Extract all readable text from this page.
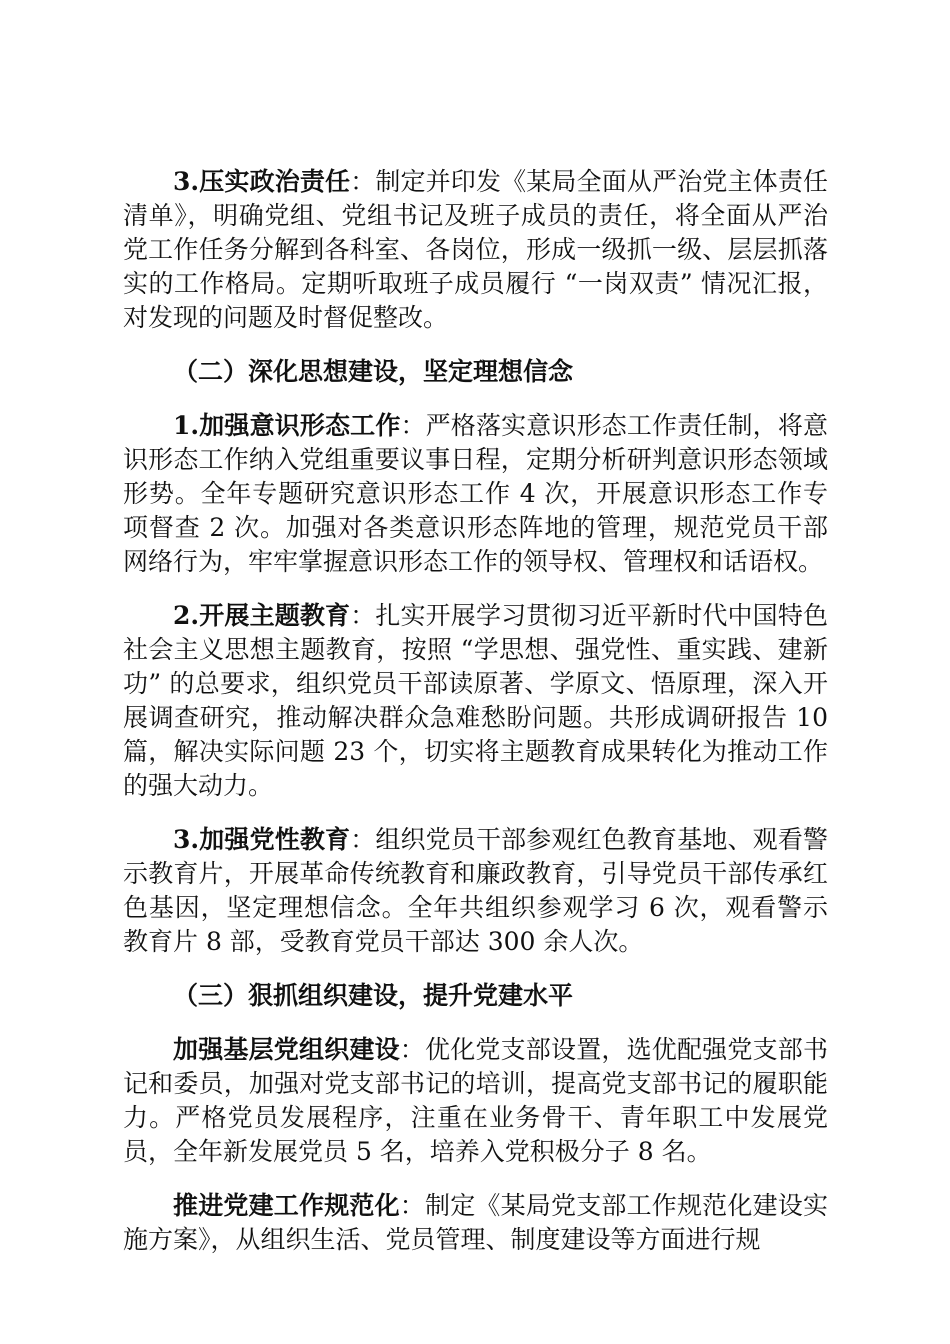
3.压实政治责任：制定并印发《某局全面从严治党主体责任清单》，明确党组、党组书记及班子成员的责任，将全面从严治党工作任务分解到各科室、各岗位，形成一级抓一级、层层抓落实的工作格局。定期听取班子成员履行 “一岗双责” 情况汇报，对发现的问题及时督促整改。

（二）深化思想建设，坚定理想信念

1.加强意识形态工作：严格落实意识形态工作责任制，将意识形态工作纳入党组重要议事日程，定期分析研判意识形态领域形势。全年专题研究意识形态工作 4 次，开展意识形态工作专项督查 2 次。加强对各类意识形态阵地的管理，规范党员干部网络行为，牢牢掌握意识形态工作的领导权、管理权和话语权。

2.开展主题教育：扎实开展学习贯彻习近平新时代中国特色社会主义思想主题教育，按照 “学思想、强党性、重实践、建新功” 的总要求，组织党员干部读原著、学原文、悟原理，深入开展调查研究，推动解决群众急难愁盼问题。共形成调研报告 10 篇，解决实际问题 23 个，切实将主题教育成果转化为推动工作的强大动力。

3.加强党性教育：组织党员干部参观红色教育基地、观看警示教育片，开展革命传统教育和廉政教育，引导党员干部传承红色基因，坚定理想信念。全年共组织参观学习 6 次，观看警示教育片 8 部，受教育党员干部达 300 余人次。

（三）狠抓组织建设，提升党建水平

加强基层党组织建设：优化党支部设置，选优配强党支部书记和委员，加强对党支部书记的培训，提高党支部书记的履职能力。严格党员发展程序，注重在业务骨干、青年职工中发展党员，全年新发展党员 5 名，培养入党积极分子 8 名。

推进党建工作规范化：制定《某局党支部工作规范化建设实施方案》，从组织生活、党员管理、制度建设等方面进行规
